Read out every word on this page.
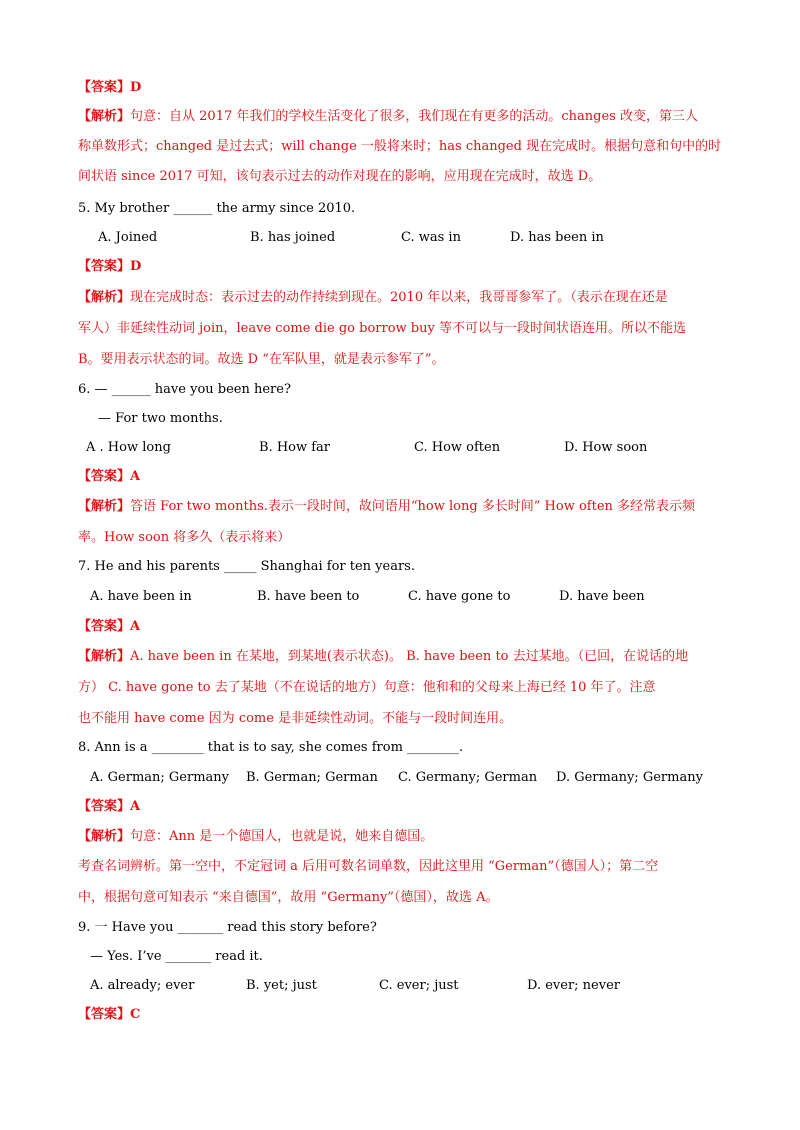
【答案】D
【解析】句意：自从 2017 年我们的学校生活变化了很多，我们现在有更多的活动。changes 改变，第三人
称单数形式；changed 是过去式；will change 一般将来时；has changed 现在完成时。根据句意和句中的时
间状语 since 2017 可知，该句表示过去的动作对现在的影响，应用现在完成时，故选 D。
5. My brother ______ the army since 2010.
A. Joined	B. has joined	C. was in	D. has been in
【答案】D
【解析】现在完成时态：表示过去的动作持续到现在。2010 年以来，我哥哥参军了。（表示在现在还是
军人）非延续性动词 join，leave come die go borrow buy 等不可以与一段时间状语连用。所以不能选
B。要用表示状态的词。故选 D “在军队里，就是表示参军了”。
6. — ______ have you been here?
— For two months.
A . How long	B. How far	C. How often	D. How soon
【答案】A
【解析】答语 For two months.表示一段时间，故问语用“how long 多长时间” How often 多经常表示频
率。How soon 将多久（表示将来）
7. He and his parents _____ Shanghai for ten years.
A. have been in	B. have been to	C. have gone to	D. have been
【答案】A
【解析】A. have been in 在某地，到某地(表示状态)。 B. have been to 去过某地。（已回，在说话的地
方） C. have gone to 去了某地（不在说话的地方）句意：他和和的父母来上海已经 10 年了。注意
也不能用 have come 因为 come 是非延续性动词。不能与一段时间连用。
8. Ann is a ________ that is to say, she comes from ________.
A. German; Germany B. German; German C. Germany; German D. Germany; Germany
【答案】A
【解析】句意：Ann 是一个德国人，也就是说，她来自德国。
考查名词辨析。第一空中，不定冠词 a 后用可数名词单数，因此这里用 “German”（德国人）；第二空
中，根据句意可知表示 “来自德国”，故用 “Germany”（德国），故选 A。
9. 一 Have you _______ read this story before?
— Yes. I’ve _______ read it.
A. already; ever	B. yet; just	C. ever; just	D. ever; never
【答案】C
